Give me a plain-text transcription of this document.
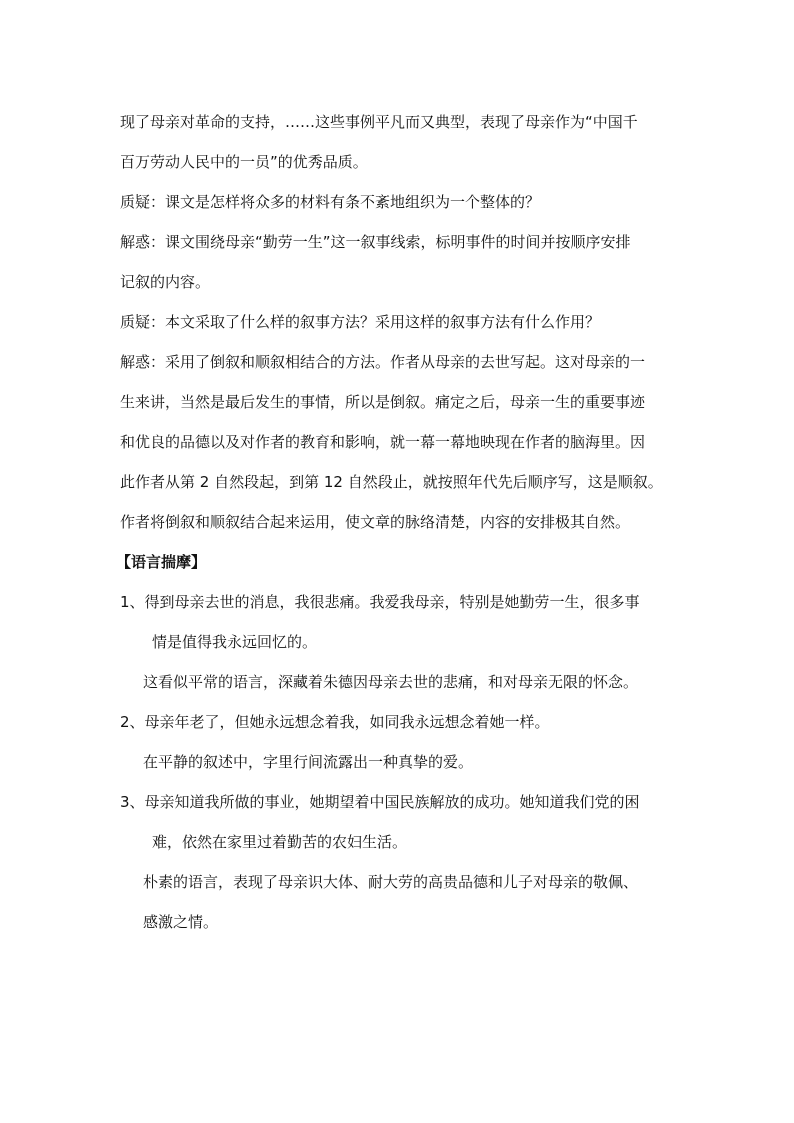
现了母亲对革命的支持，……这些事例平凡而又典型，表现了母亲作为“中国千
百万劳动人民中的一员”的优秀品质。
质疑：课文是怎样将众多的材料有条不紊地组织为一个整体的？
解惑：课文围绕母亲“勤劳一生”这一叙事线索，标明事件的时间并按顺序安排
记叙的内容。
质疑：本文采取了什么样的叙事方法？采用这样的叙事方法有什么作用？
解惑：采用了倒叙和顺叙相结合的方法。作者从母亲的去世写起。这对母亲的一
生来讲，当然是最后发生的事情，所以是倒叙。痛定之后，母亲一生的重要事迹
和优良的品德以及对作者的教育和影响，就一幕一幕地映现在作者的脑海里。因
此作者从第 2 自然段起，到第 12 自然段止，就按照年代先后顺序写，这是顺叙。
作者将倒叙和顺叙结合起来运用，使文章的脉络清楚，内容的安排极其自然。
【语言揣摩】
1、得到母亲去世的消息，我很悲痛。我爱我母亲，特别是她勤劳一生，很多事
情是值得我永远回忆的。
这看似平常的语言，深藏着朱德因母亲去世的悲痛，和对母亲无限的怀念。
2、母亲年老了，但她永远想念着我，如同我永远想念着她一样。
在平静的叙述中，字里行间流露出一种真挚的爱。
3、母亲知道我所做的事业，她期望着中国民族解放的成功。她知道我们党的困
难，依然在家里过着勤苦的农妇生活。
朴素的语言，表现了母亲识大体、耐大劳的高贵品德和儿子对母亲的敬佩、
感激之情。
